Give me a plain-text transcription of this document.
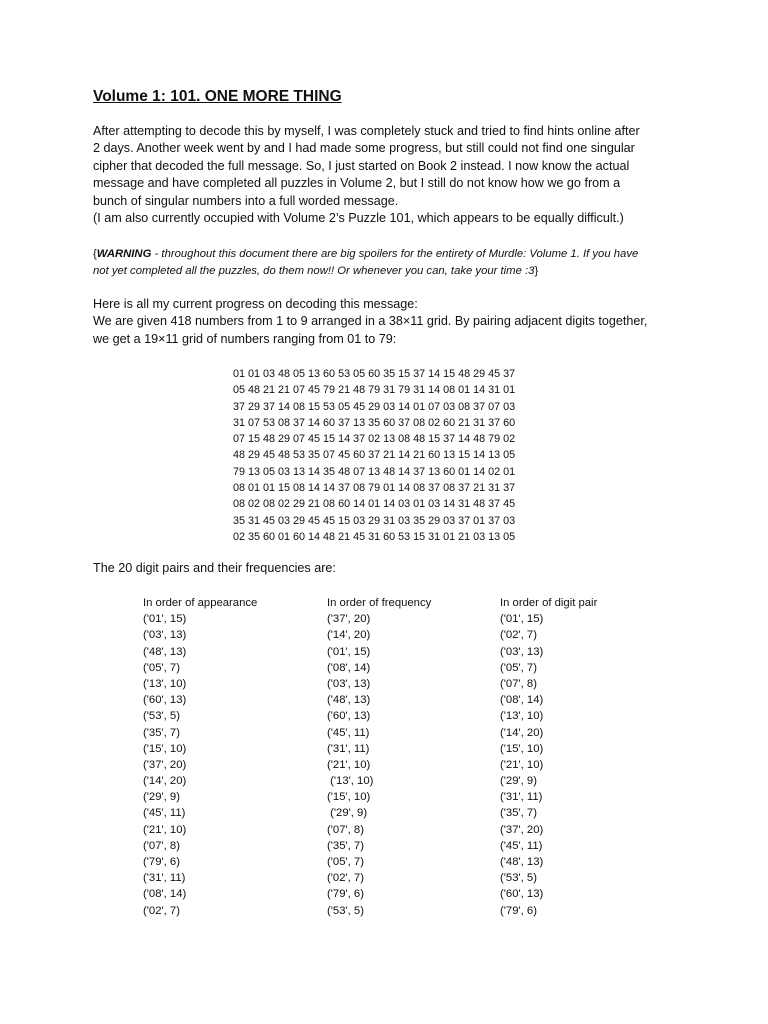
Volume 1: 101. ONE MORE THING
After attempting to decode this by myself, I was completely stuck and tried to find hints online after
2 days. Another week went by and I had made some progress, but still could not find one singular
cipher that decoded the full message. So, I just started on Book 2 instead. I now know the actual
message and have completed all puzzles in Volume 2, but I still do not know how we go from a
bunch of singular numbers into a full worded message.
(I am also currently occupied with Volume 2’s Puzzle 101, which appears to be equally difficult.)
{WARNING - throughout this document there are big spoilers for the entirety of Murdle: Volume 1. If you have
not yet completed all the puzzles, do them now!! Or whenever you can, take your time :3}
Here is all my current progress on decoding this message:
We are given 418 numbers from 1 to 9 arranged in a 38×11 grid. By pairing adjacent digits together,
we get a 19×11 grid of numbers ranging from 01 to 79:
01 01 03 48 05 13 60 53 05 60 35 15 37 14 15 48 29 45 37
05 48 21 21 07 45 79 21 48 79 31 79 31 14 08 01 14 31 01
37 29 37 14 08 15 53 05 45 29 03 14 01 07 03 08 37 07 03
31 07 53 08 37 14 60 37 13 35 60 37 08 02 60 21 31 37 60
07 15 48 29 07 45 15 14 37 02 13 08 48 15 37 14 48 79 02
48 29 45 48 53 35 07 45 60 37 21 14 21 60 13 15 14 13 05
79 13 05 03 13 14 35 48 07 13 48 14 37 13 60 01 14 02 01
08 01 01 15 08 14 14 37 08 79 01 14 08 37 08 37 21 31 37
08 02 08 02 29 21 08 60 14 01 14 03 01 03 14 31 48 37 45
35 31 45 03 29 45 45 15 03 29 31 03 35 29 03 37 01 37 03
02 35 60 01 60 14 48 21 45 31 60 53 15 31 01 21 03 13 05
The 20 digit pairs and their frequencies are:
In order of appearance
('01', 15)
('03', 13)
('48', 13)
('05', 7)
('13', 10)
('60', 13)
('53', 5)
('35', 7)
('15', 10)
('37', 20)
('14', 20)
('29', 9)
('45', 11)
('21', 10)
('07', 8)
('79', 6)
('31', 11)
('08', 14)
('02', 7)
In order of frequency
('37', 20)
('14', 20)
('01', 15)
('08', 14)
('03', 13)
('48', 13)
('60', 13)
('45', 11)
('31', 11)
('21', 10)
('13', 10)
('15', 10)
('29', 9)
('07', 8)
('35', 7)
('05', 7)
('02', 7)
('79', 6)
('53', 5)
In order of digit pair
('01', 15)
('02', 7)
('03', 13)
('05', 7)
('07', 8)
('08', 14)
('13', 10)
('14', 20)
('15', 10)
('21', 10)
('29', 9)
('31', 11)
('35', 7)
('37', 20)
('45', 11)
('48', 13)
('53', 5)
('60', 13)
('79', 6)
